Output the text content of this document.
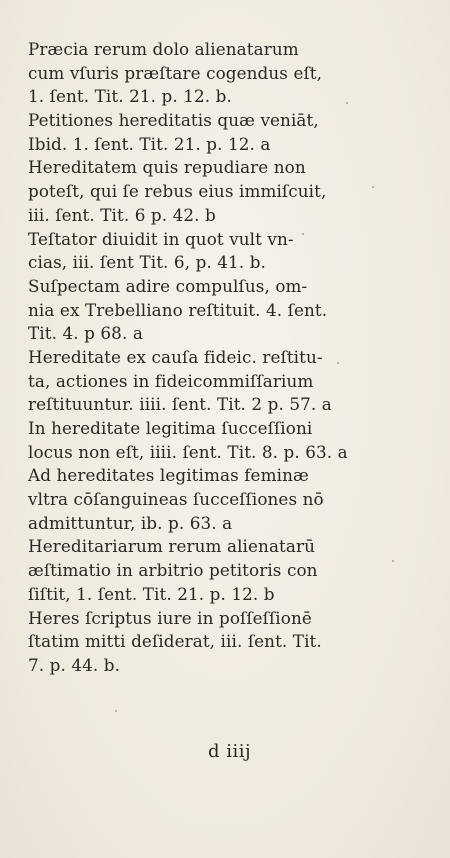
Præcia rerum dolo alienatarum
cum vſuris præſtare cogendus eſt,
1. ſent. Tit. 21. p. 12. b.
Petitiones hereditatis quæ veniāt,
Ibid. 1. ſent. Tit. 21. p. 12. a
Hereditatem quis repudiare non
poteſt, qui ſe rebus eius immiſcuit,
iii. ſent. Tit. 6 p. 42. b
Teſtator diuidit in quot vult vn-
cias, iii. ſent Tit. 6, p. 41. b.
Suſpectam adire compulſus, om-
nia ex Trebelliano reſtituit. 4. ſent.
Tit. 4. p 68. a
Hereditate ex cauſa fideic. reſtitu-
ta, actiones in fideicommiſſarium
reſtituuntur. iiii. ſent. Tit. 2 p. 57. a
In hereditate legitima ſucceſſioni
locus non eſt, iiii. ſent. Tit. 8. p. 63. a
Ad hereditates legitimas feminæ
vltra cōſanguineas ſucceſſiones nō
admittuntur, ib. p. 63. a
Hereditariarum rerum alienatarū
æſtimatio in arbitrio petitoris con
ſiſtit, 1. ſent. Tit. 21. p. 12. b
Heres ſcriptus iure in poſſeſſionē
ſtatim mitti deſiderat, iii. ſent. Tit.
7. p. 44. b.
d iiij
